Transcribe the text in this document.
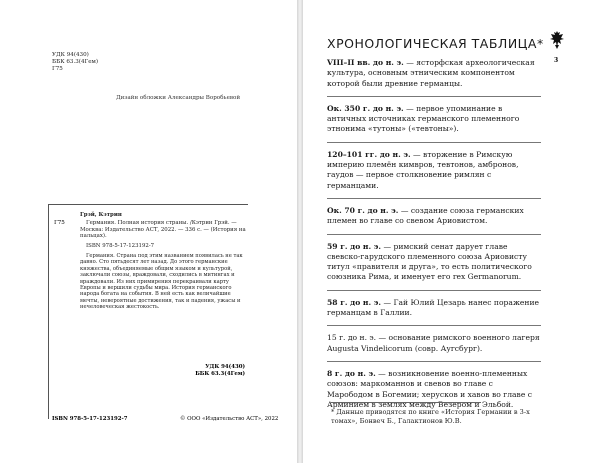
УДК 94(430)
ББК 63.3(4Гем)
Г75
Дизайн обложки Александры Воробьевой
Г75

Грэй, Кэтрин

Германия. Полная история страны. /Кэтрин Грэй. — Москва: Издательство АСТ, 2022. — 336 с. — (История на пальцах).

ISBN 978-5-17-123192-7

Германия. Страна под этим названием появилась не так давно. Сто пятьдесят лет назад. До этого германские княжества, объединяемые общим языком и культурой, заключали союзы, враждовали, сходились в митингах и враждовали. Из них примирения перекраивали карту Европы и вершили судьбы мира. История германского народа богата на события. В ней есть как величайшие мечты, невероятные достижения, так и падения, ужасы и нечеловеческая жестокость.

УДК 94(430)
ББК 63.3(4Гем)
ISBN 978-5-17-123192-7	© ООО «Издательство АСТ», 2022
ХРОНОЛОГИЧЕСКАЯ ТАБЛИЦА*
3
VIII–II вв. до н. э. — ясторфская археологическая культура, основным этническим компонентом которой были древние германцы.
Ок. 350 г. до н. э. — первое упоминание в античных источниках германского племенного этнонима «тутоны» («тевтоны»).
120–101 гг. до н. э. — вторжение в Римскую империю племён кимвров, тевтонов, амбронов, гаудов — первое столкновение римлян с германцами.
Ок. 70 г. до н. э. — создание союза германских племен во главе со свевом Ариовистом.
59 г. до н. э. — римский сенат дарует главе свевско-гарудского племенного союза Ариовисту титул «правителя и друга», то есть политического союзника Рима, и именует его rex Germanorum.
58 г. до н. э. — Гай Юлий Цезарь нанес поражение германцам в Галлии.
15 г. до н. э. — основание римского военного лагеря Augusta Vindelicorum (совр. Аугсбург).
8 г. до н. э. — возникновение военно-племенных союзов: маркоманнов и свевов во главе с Марободом в Богемии; херусков и хавов во главе с Арминием в землях между Везером и Эльбой.
* Данные приводятся по книге «История Германии в 3-х томах», Бонвеч Б., Галактионов Ю.В.
